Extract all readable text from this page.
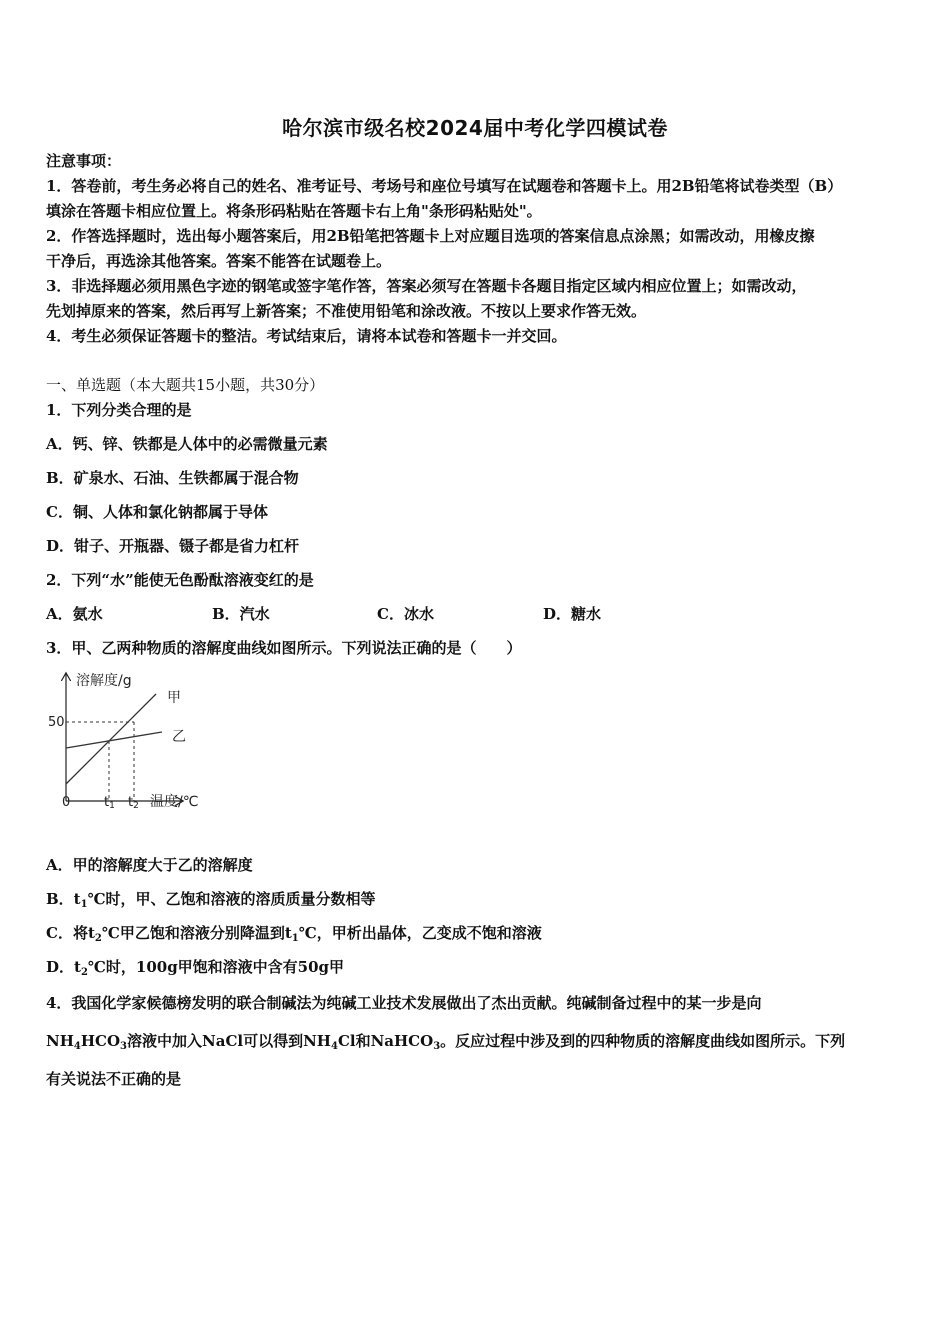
哈尔滨市级名校2024届中考化学四模试卷
注意事项：
1．答卷前，考生务必将自己的姓名、准考证号、考场号和座位号填写在试题卷和答题卡上。用2B铅笔将试卷类型（B）
填涂在答题卡相应位置上。将条形码粘贴在答题卡右上角"条形码粘贴处"。
2．作答选择题时，选出每小题答案后，用2B铅笔把答题卡上对应题目选项的答案信息点涂黑；如需改动，用橡皮擦
干净后，再选涂其他答案。答案不能答在试题卷上。
3．非选择题必须用黑色字迹的钢笔或签字笔作答，答案必须写在答题卡各题目指定区域内相应位置上；如需改动，
先划掉原来的答案，然后再写上新答案；不准使用铅笔和涂改液。不按以上要求作答无效。
4．考生必须保证答题卡的整洁。考试结束后，请将本试卷和答题卡一并交回。
一、单选题（本大题共15小题，共30分）
1．下列分类合理的是
A．钙、锌、铁都是人体中的必需微量元素
B．矿泉水、石油、生铁都属于混合物
C．铜、人体和氯化钠都属于导体
D．钳子、开瓶器、镊子都是省力杠杆
2．下列“水”能使无色酚酞溶液变红的是
A．氨水	B．汽水	C．冰水	D．糖水
3．甲、乙两种物质的溶解度曲线如图所示。下列说法正确的是（　　）
溶解度/g
50
0
甲
乙
t1 t2 温度/℃
A．甲的溶解度大于乙的溶解度
B．$t_1℃$时，甲、乙饱和溶液的溶质质量分数相等
C．将$t_2℃$甲乙饱和溶液分别降温到$t_1℃$，甲析出晶体，乙变成不饱和溶液
D．$t_2℃$时，100g甲饱和溶液中含有50g甲
4．我国化学家候德榜发明的联合制碱法为纯碱工业技术发展做出了杰出贡献。纯碱制备过程中的某一步是向
$NH_4HCO_3$溶液中加入NaCl可以得到$NH_4Cl$和NaHCO$_3$。反应过程中涉及到的四种物质的溶解度曲线如图所示。下列
有关说法不正确的是
